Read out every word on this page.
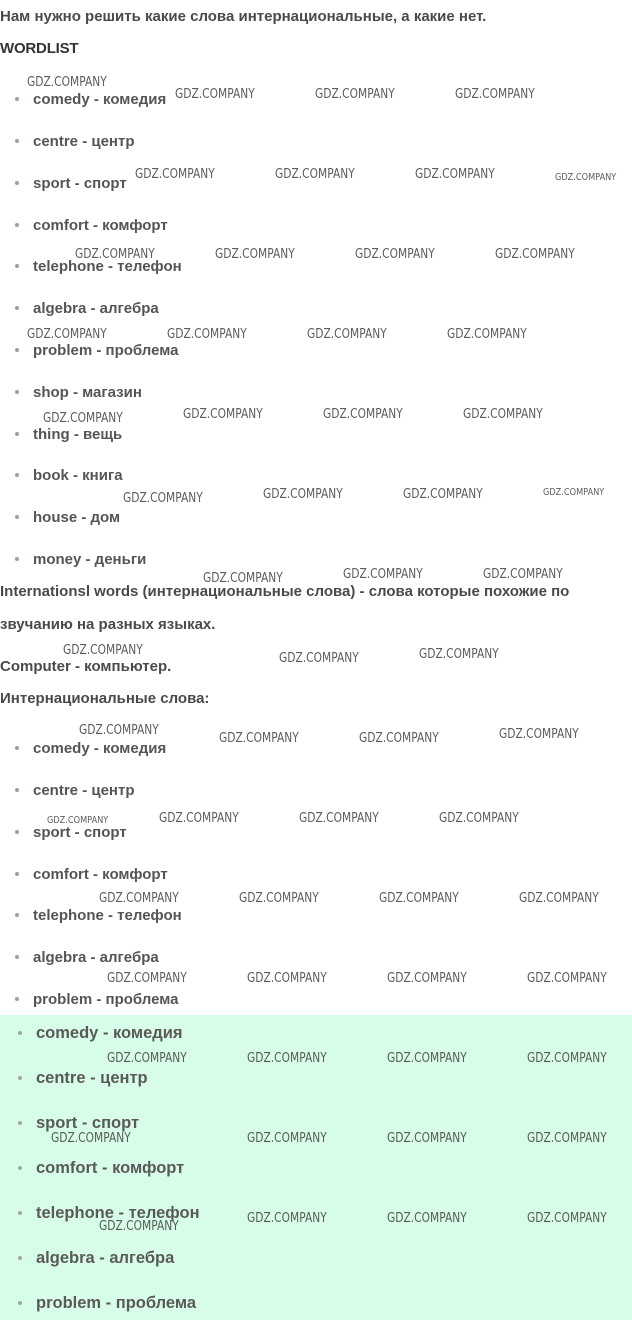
Нам нужно решить какие слова интернациональные, а какие нет.

WORDLIST
comedy - комедия
centre - центр
sport - спорт
comfort - комфорт
telephone - телефон
algebra - алгебра
problem - проблема
shop - магазин
thing - вещь
book - книга
house - дом
money - деньги

Internationsl words (интернациональные слова) - слова которые похожие по

звучанию на разных языках.

Computer - компьютер.

Интернациональные слова:

comedy - комедия
centre - центр
sport - спорт
comfort - комфорт
telephone - телефон
algebra - алгебра
problem - проблема
comedy - комедия
centre - центр
sport - спорт
comfort - комфорт
telephone - телефон
algebra - алгебра
problem - проблема
GDZ.COMPANY
GDZ.COMPANY	GDZ.COMPANY	GDZ.COMPANY
GDZ.COMPANY	GDZ.COMPANY	GDZ.COMPANY	GDZ.COMPANY
GDZ.COMPANY	GDZ.COMPANY	GDZ.COMPANY	GDZ.COMPANY
GDZ.COMPANY	GDZ.COMPANY	GDZ.COMPANY	GDZ.COMPANY
GDZ.COMPANY	GDZ.COMPANY	GDZ.COMPANY	GDZ.COMPANY
GDZ.COMPANY	GDZ.COMPANY	GDZ.COMPANY	GDZ.COMPANY
GDZ.COMPANY	GDZ.COMPANY	GDZ.COMPANY
GDZ.COMPANY
GDZ.COMPANY	GDZ.COMPANY
GDZ.COMPANY
GDZ.COMPANY	GDZ.COMPANY	GDZ.COMPANY
GDZ.COMPANY	GDZ.COMPANY	GDZ.COMPANY	GDZ.COMPANY
GDZ.COMPANY	GDZ.COMPANY	GDZ.COMPANY	GDZ.COMPANY
GDZ.COMPANY	GDZ.COMPANY	GDZ.COMPANY	GDZ.COMPANY
GDZ.COMPANY	GDZ.COMPANY	GDZ.COMPANY	GDZ.COMPANY
GDZ.COMPANY	GDZ.COMPANY	GDZ.COMPANY	GDZ.COMPANY
GDZ.COMPANY
GDZ.COMPANY	GDZ.COMPANY	GDZ.COMPANY
